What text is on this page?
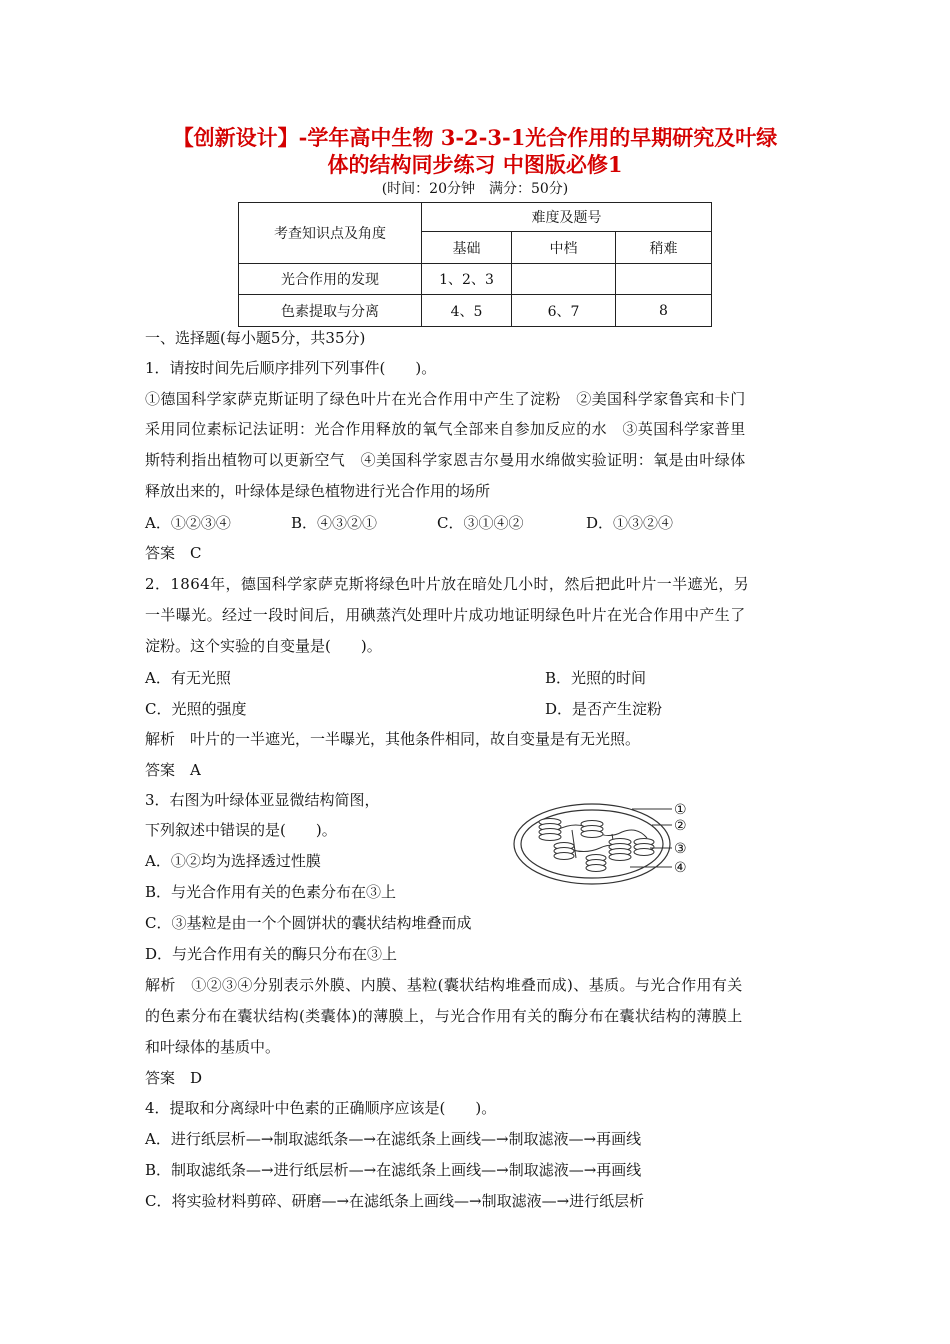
【创新设计】-学年高中生物 3-2-3-1光合作用的早期研究及叶绿
体的结构同步练习 中图版必修1
(时间：20分钟　满分：50分)
考查知识点及角度	难度及题号		
	基础	中档	稍难
光合作用的发现	1、2、3		
色素提取与分离	4、5	6、7	8
一、选择题(每小题5分，共35分)
1．请按时间先后顺序排列下列事件(　　)。
①德国科学家萨克斯证明了绿色叶片在光合作用中产生了淀粉　②美国科学家鲁宾和卡门
采用同位素标记法证明：光合作用释放的氧气全部来自参加反应的水　③英国科学家普里
斯特利指出植物可以更新空气　④美国科学家恩吉尔曼用水绵做实验证明：氧是由叶绿体
释放出来的，叶绿体是绿色植物进行光合作用的场所
A．①②③④	B．④③②①	C．③①④②	D．①③②④
答案　C
2．1864年，德国科学家萨克斯将绿色叶片放在暗处几小时，然后把此叶片一半遮光，另
一半曝光。经过一段时间后，用碘蒸汽处理叶片成功地证明绿色叶片在光合作用中产生了
淀粉。这个实验的自变量是(　　)。
A．有无光照	B．光照的时间
C．光照的强度	D．是否产生淀粉
解析　叶片的一半遮光，一半曝光，其他条件相同，故自变量是有无光照。
答案　A
3．右图为叶绿体亚显微结构简图，
下列叙述中错误的是(　　)。
A．①②均为选择透过性膜
B．与光合作用有关的色素分布在③上
C．③基粒是由一个个圆饼状的囊状结构堆叠而成
D．与光合作用有关的酶只分布在③上
①
②
③
④
解析　①②③④分别表示外膜、内膜、基粒(囊状结构堆叠而成)、基质。与光合作用有关
的色素分布在囊状结构(类囊体)的薄膜上，与光合作用有关的酶分布在囊状结构的薄膜上
和叶绿体的基质中。
答案　D
4．提取和分离绿叶中色素的正确顺序应该是(　　)。
A．进行纸层析—→制取滤纸条—→在滤纸条上画线—→制取滤液—→再画线
B．制取滤纸条—→进行纸层析—→在滤纸条上画线—→制取滤液—→再画线
C．将实验材料剪碎、研磨—→在滤纸条上画线—→制取滤液—→进行纸层析
